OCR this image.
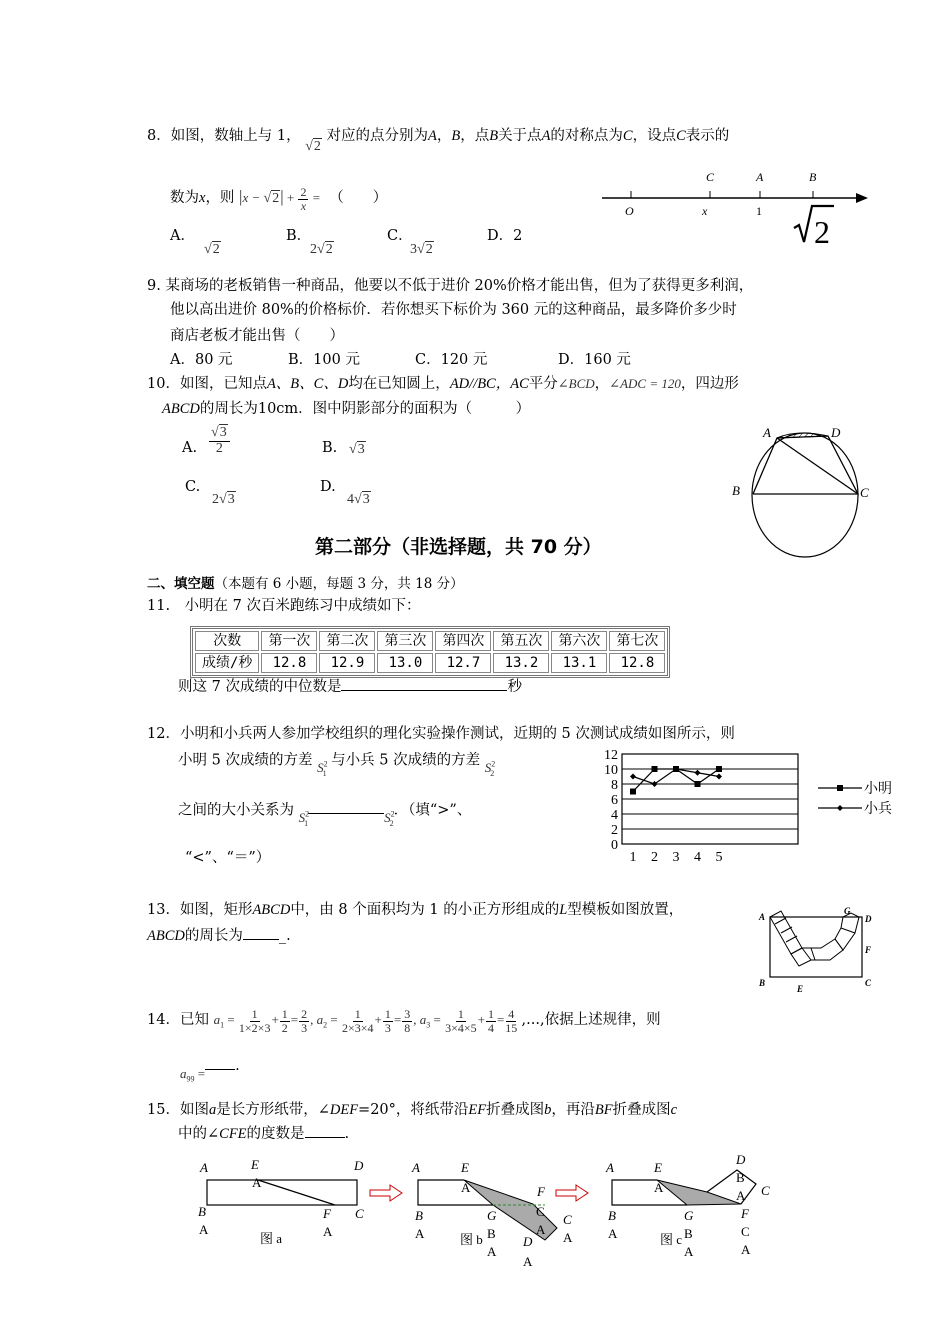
8．如图，数轴上与 1， √2 对应的点分别为A，B，点B关于点A的对称点为C，设点C表示的
数为x，则 $|x - √2| + \frac{2}{x}$ = （　　）
A．
√2
B．
2√2
C．
3√2
D．2
C	A	B
O	x	1
2
9. 某商场的老板销售一种商品，他要以不低于进价 20%价格才能出售，但为了获得更多利润，
他以高出进价 80%的价格标价．若你想买下标价为 360 元的这种商品，最多降价多少时
商店老板才能出售（　　）
A．80 元	B．100 元	C．120 元	D．160 元
10．如图，已知点A、B、C、D均在已知圆上，AD//BC，AC平分∠BCD，∠ADC = 120，四边形
ABCD的周长为10cm．图中阴影部分的面积为（　　　）
A. $\frac{√3}{2}$	B. √3
C.
2√3
D.
4√3
A	D
B	C
第二部分（非选择题，共 70 分）
二、填空题（本题有 6 小题，每题 3 分，共 18 分）
11.　小明在 7 次百米跑练习中成绩如下：
次数	第一次	第二次	第三次	第四次	第五次	第六次	第七次
成绩/秒	12.8	12.9	13.0	12.7	13.2	13.1	12.8
则这 7 次成绩的中位数是	秒
12．小明和小兵两人参加学校组织的理化实验操作测试，近期的 5 次测试成绩如图所示，则
小明 5 次成绩的方差 $S^2_1$ 与小兵 5 次成绩的方差 $S^2_2$
之间的大小关系为 $S^2_1$	$S^2_2$．（填“>”、
“<”、“＝”）
0
2
4
6
8
10
12
1 2 3 4 5
小明
小兵
13．如图，矩形ABCD中，由 8 个面积均为 1 的小正方形组成的L型模板如图放置，
ABCD的周长为 _.
A
G
D
F
B
E
C
14．已知 $a_1 = \frac{1}{1\times 2\times 3} + \frac{1}{2} = \frac{2}{3}$ , $a_2 = \frac{1}{2\times 3\times 4} + \frac{1}{3} = \frac{3}{8}$ , $a_3 = \frac{1}{3\times 4\times 5} + \frac{1}{4} = \frac{4}{15}$ ,...,依据上述规律，则
$a_{99}$ = .
15．如图a是长方形纸带，∠DEF=20°，将纸带沿EF折叠成图b，再沿BF折叠成图c
中的∠CFE的度数是	.
A	E
A
D
B
A
F
A
C
图 a
A	E
A	F
C
A
B
A
G
B
A
C
A
D
A
图 b
A	E
A
D
B
A C
B
A
G
B
A
F
C
A
图 c
